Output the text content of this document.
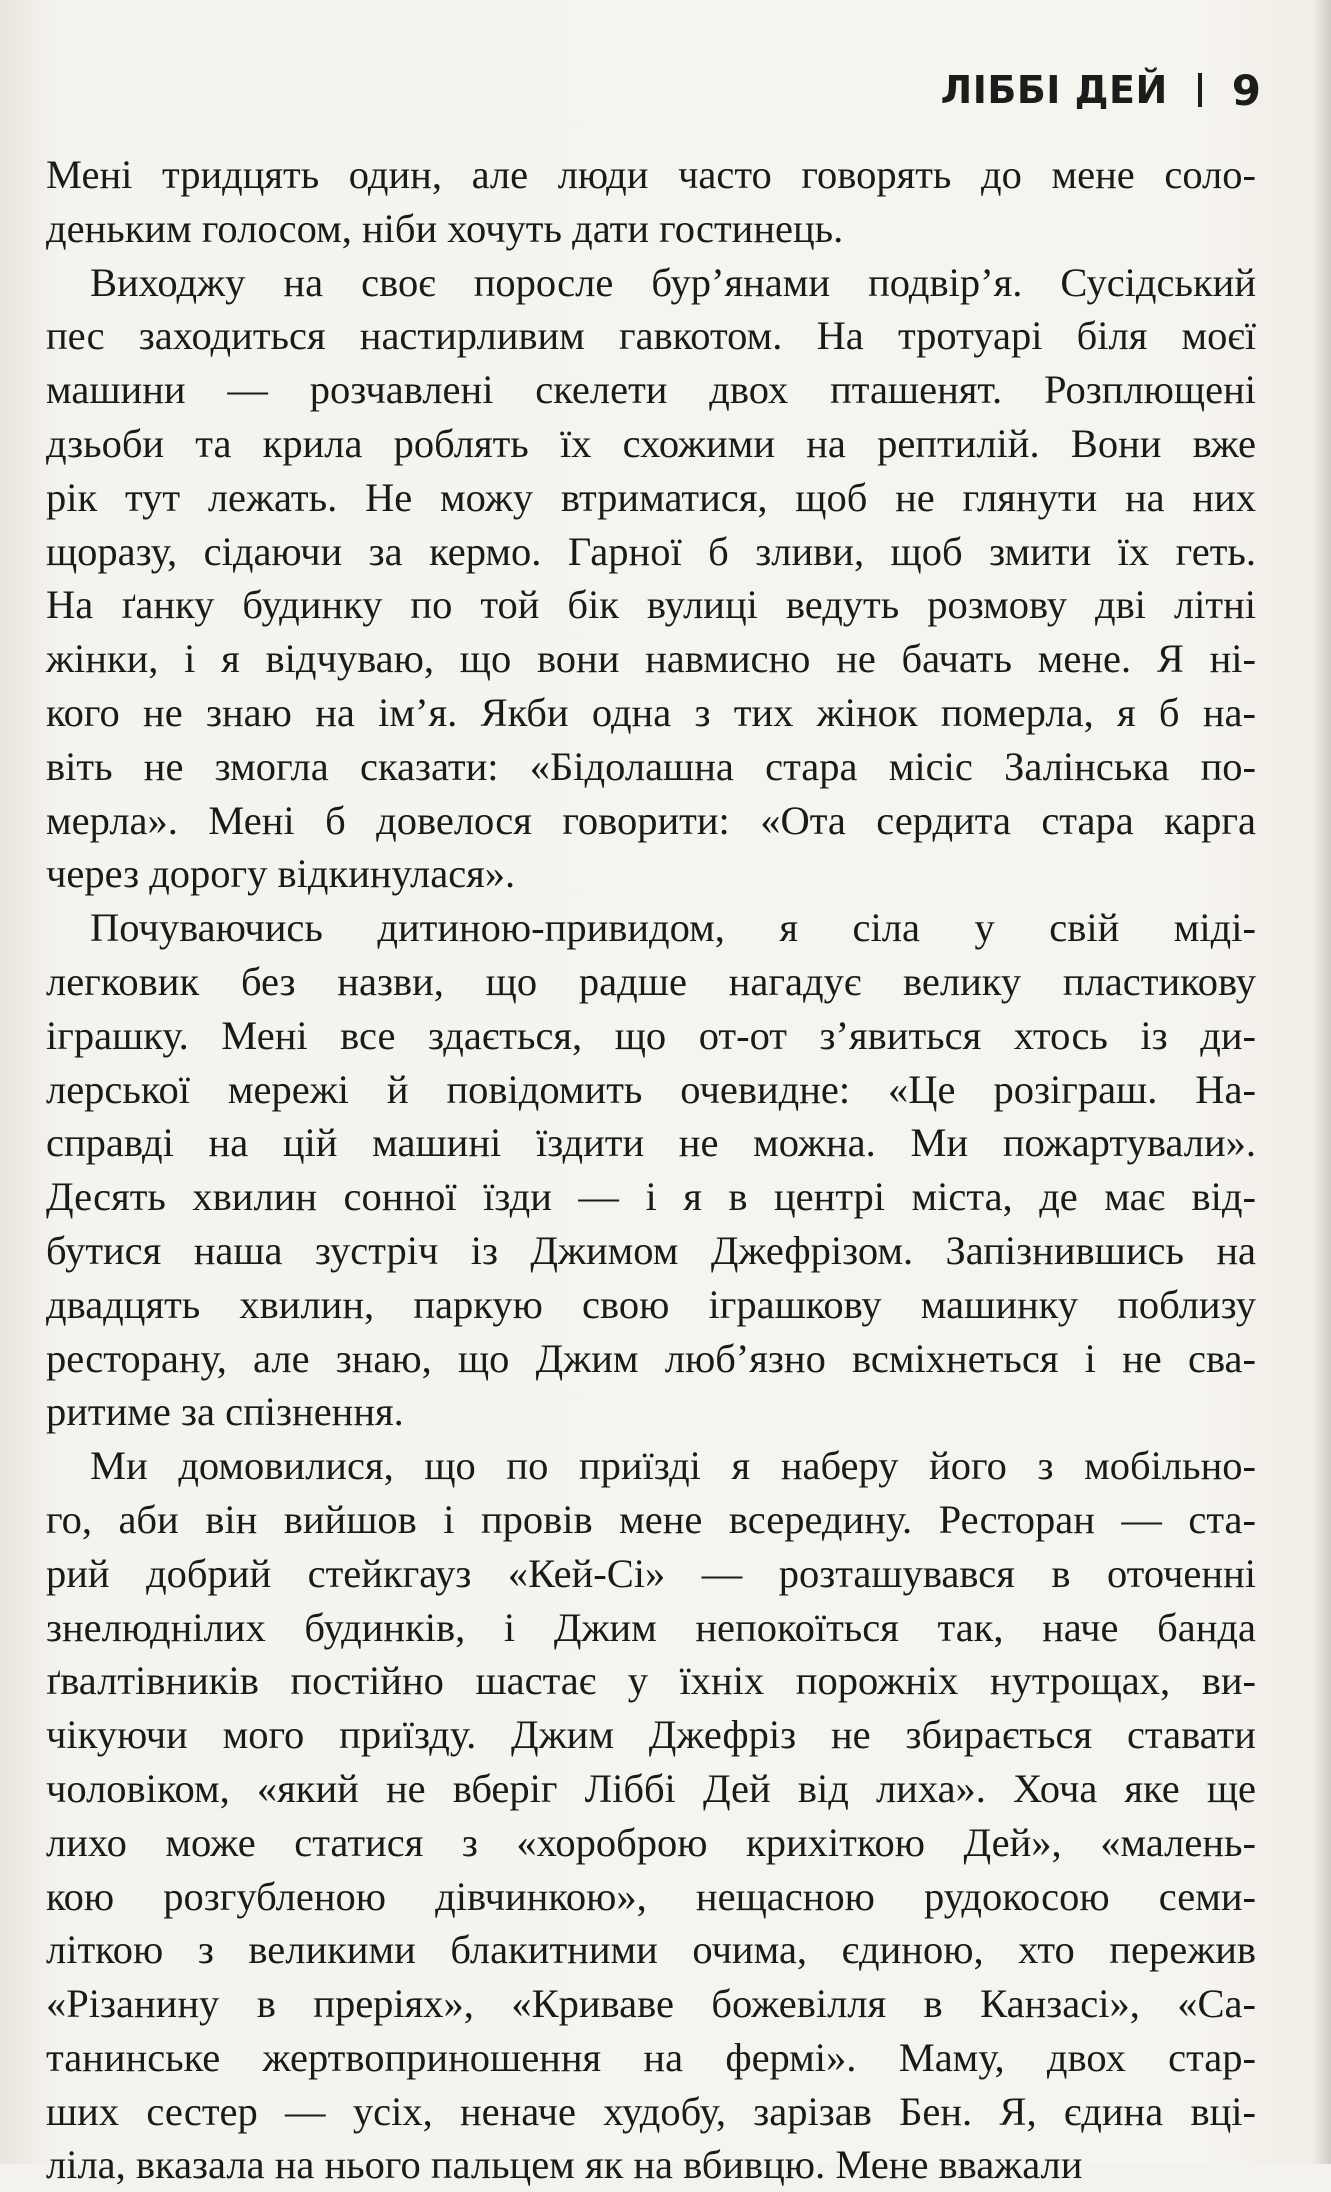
ЛІББІ ДЕЙ 9
Мені тридцять один, але люди часто говорять до мене соло-
деньким голосом, ніби хочуть дати гостинець.
Виходжу на своє поросле бур’янами подвір’я. Сусідський
пес заходиться настирливим гавкотом. На тротуарі біля моєї
машини — розчавлені скелети двох пташенят. Розплющені
дзьоби та крила роблять їх схожими на рептилій. Вони вже
рік тут лежать. Не можу втриматися, щоб не глянути на них
щоразу, сідаючи за кермо. Гарної б зливи, щоб змити їх геть.
На ґанку будинку по той бік вулиці ведуть розмову дві літні
жінки, і я відчуваю, що вони навмисно не бачать мене. Я ні-
кого не знаю на ім’я. Якби одна з тих жінок померла, я б на-
віть не змогла сказати: «Бідолашна стара місіс Залінська по-
мерла». Мені б довелося говорити: «Ота сердита стара карга
через дорогу відкинулася».
Почуваючись дитиною-привидом, я сіла у свій міді-
легковик без назви, що радше нагадує велику пластикову
іграшку. Мені все здається, що от-от з’явиться хтось із ди-
лерської мережі й повідомить очевидне: «Це розіграш. На-
справді на цій машині їздити не можна. Ми пожартували».
Десять хвилин сонної їзди — і я в центрі міста, де має від-
бутися наша зустріч із Джимом Джефрізом. Запізнившись на
двадцять хвилин, паркую свою іграшкову машинку поблизу
ресторану, але знаю, що Джим люб’язно всміхнеться і не сва-
ритиме за спізнення.
Ми домовилися, що по приїзді я наберу його з мобільно-
го, аби він вийшов і провів мене всередину. Ресторан — ста-
рий добрий стейкгауз «Кей-Сі» — розташувався в оточенні
знелюднілих будинків, і Джим непокоїться так, наче банда
ґвалтівників постійно шастає у їхніх порожніх нутрощах, ви-
чікуючи мого приїзду. Джим Джефріз не збирається ставати
чоловіком, «який не вберіг Ліббі Дей від лиха». Хоча яке ще
лихо може статися з «хороброю крихіткою Дей», «малень-
кою розгубленою дівчинкою», нещасною рудокосою семи-
літкою з великими блакитними очима, єдиною, хто пережив
«Різанину в преріях», «Криваве божевілля в Канзасі», «Са-
танинське жертвоприношення на фермі». Маму, двох стар-
ших сестер — усіх, неначе худобу, зарізав Бен. Я, єдина вці-
ліла, вказала на нього пальцем як на вбивцю. Мене вважали
